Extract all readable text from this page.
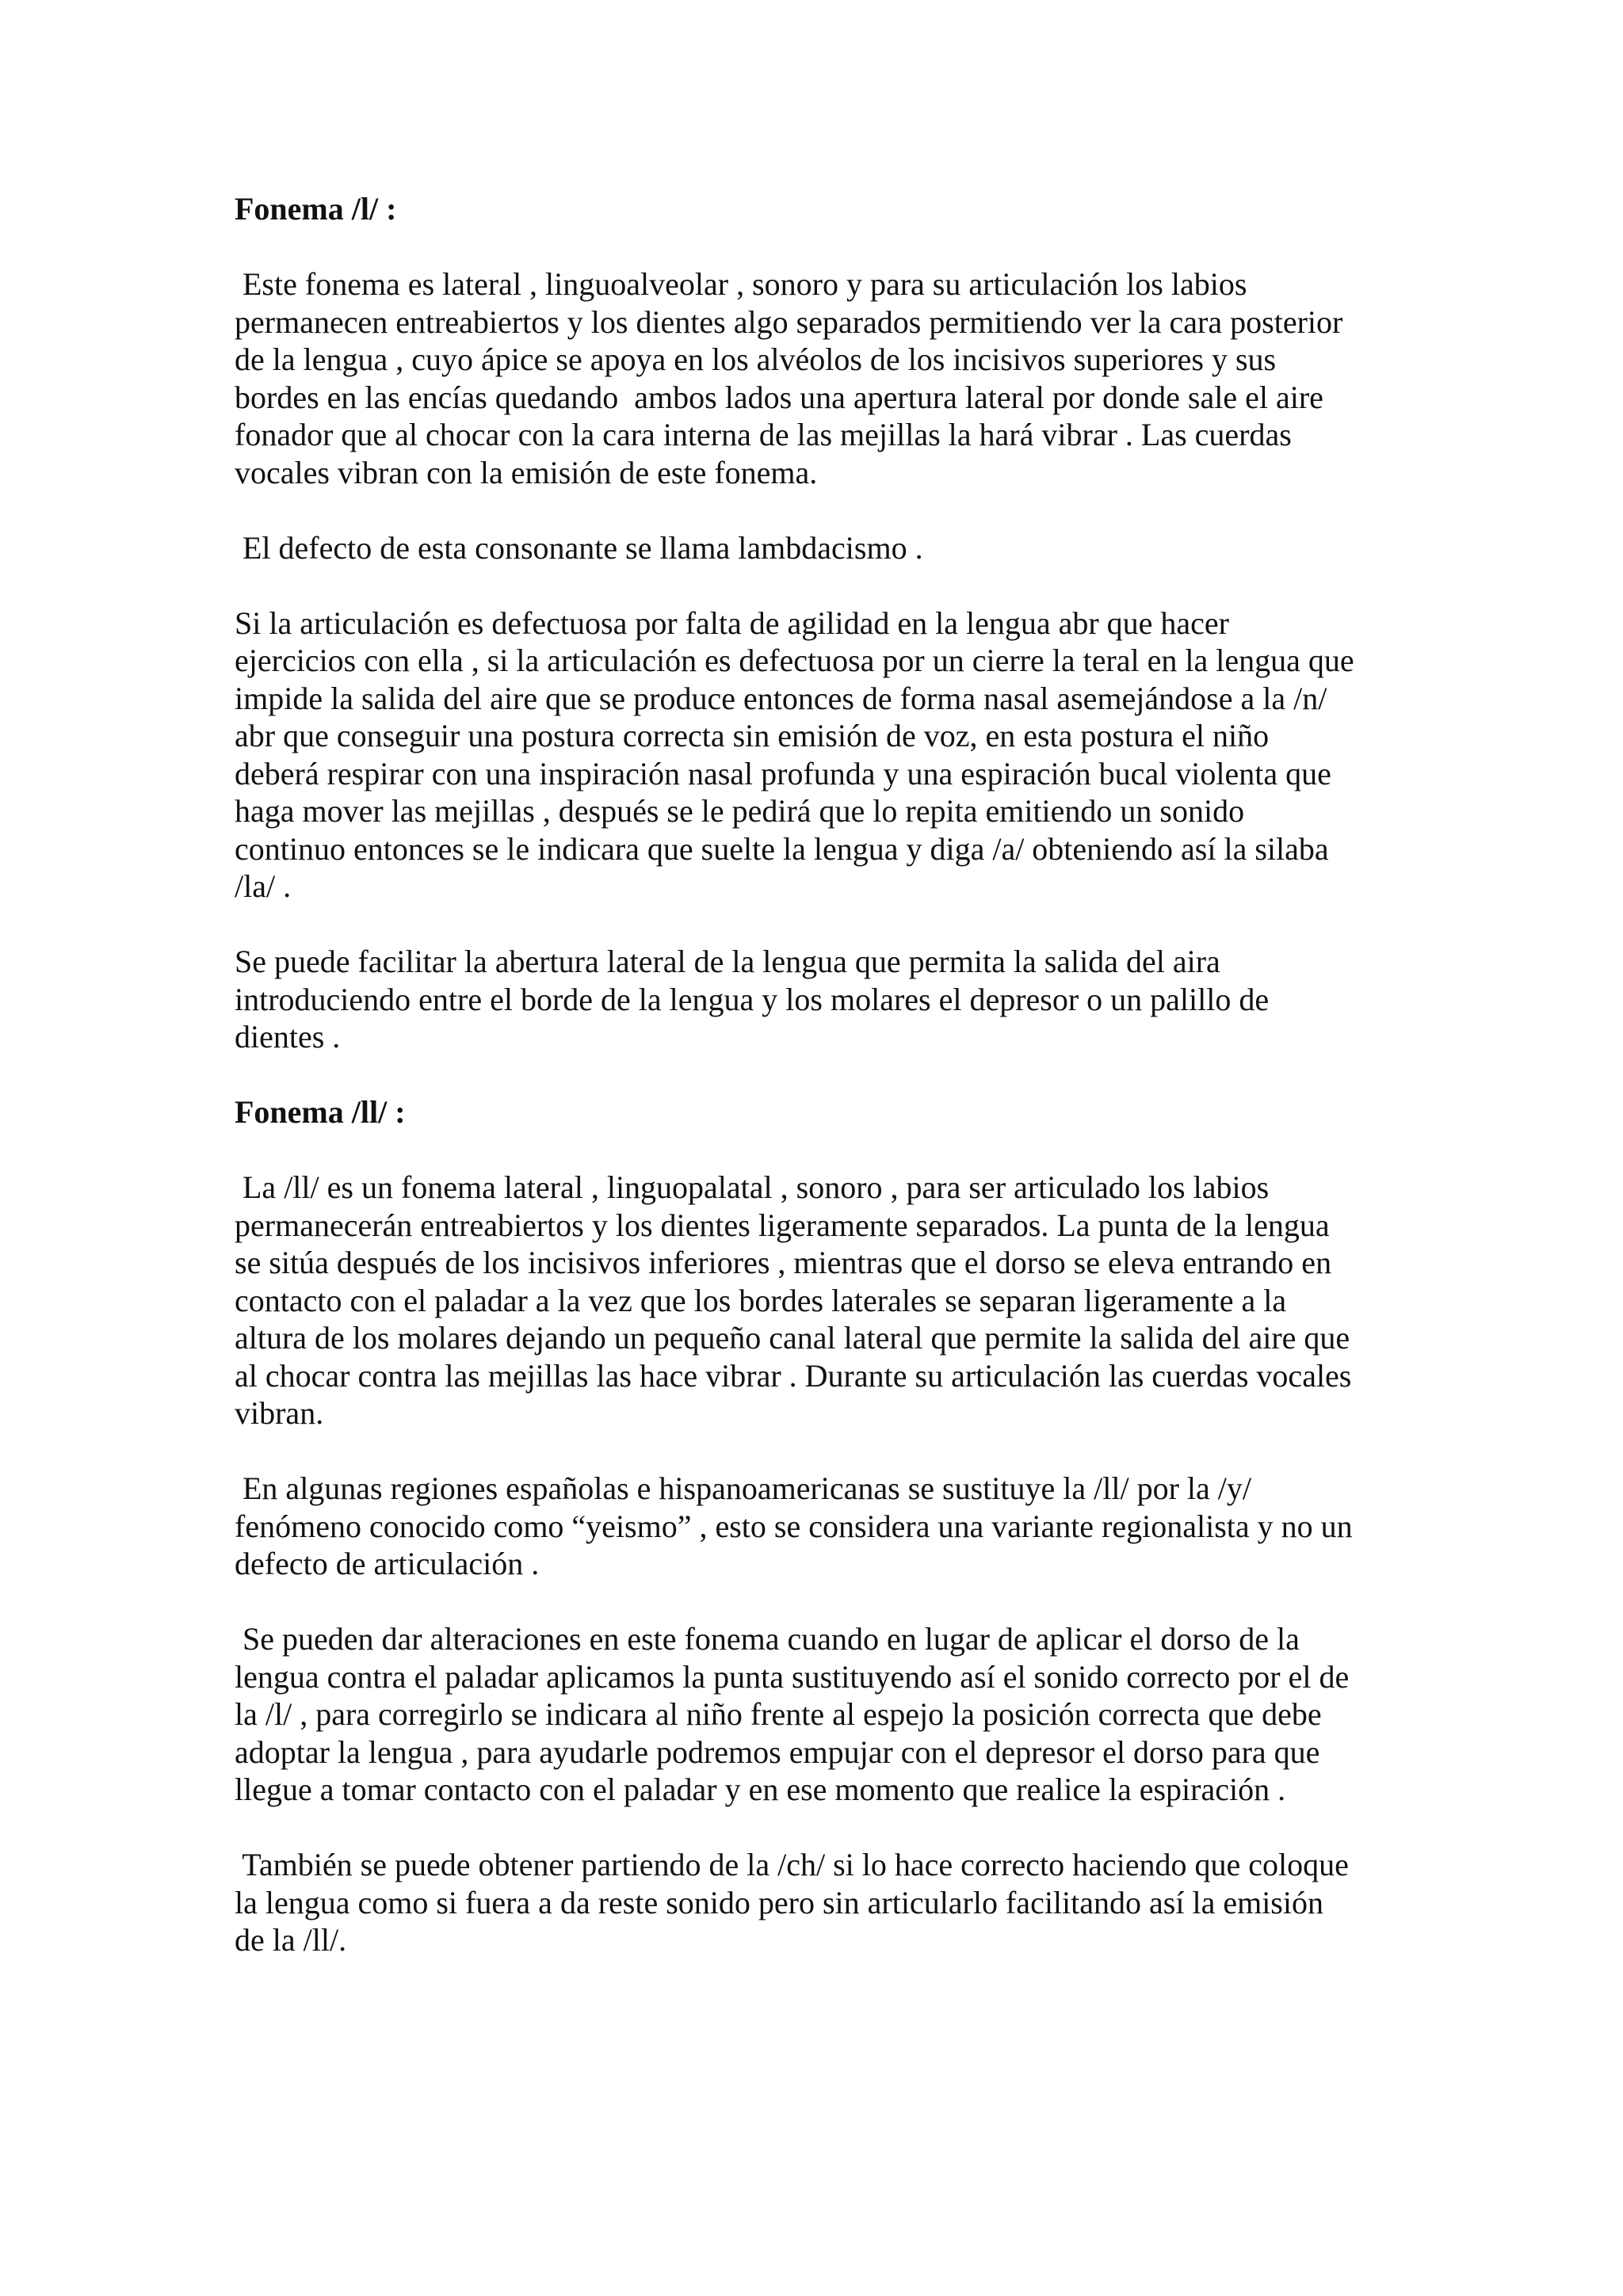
Fonema /l/ :

Este fonema es lateral , linguoalveolar , sonoro y para su articulación los labios
permanecen entreabiertos y los dientes algo separados permitiendo ver la cara posterior
de la lengua , cuyo ápice se apoya en los alvéolos de los incisivos superiores y sus
bordes en las encías quedando  ambos lados una apertura lateral por donde sale el aire
fonador que al chocar con la cara interna de las mejillas la hará vibrar . Las cuerdas
vocales vibran con la emisión de este fonema.

El defecto de esta consonante se llama lambdacismo .

Si la articulación es defectuosa por falta de agilidad en la lengua abr que hacer
ejercicios con ella , si la articulación es defectuosa por un cierre la teral en la lengua que
impide la salida del aire que se produce entonces de forma nasal asemejándose a la /n/
abr que conseguir una postura correcta sin emisión de voz, en esta postura el niño
deberá respirar con una inspiración nasal profunda y una espiración bucal violenta que
haga mover las mejillas , después se le pedirá que lo repita emitiendo un sonido
continuo entonces se le indicara que suelte la lengua y diga /a/ obteniendo así la silaba
/la/ .

Se puede facilitar la abertura lateral de la lengua que permita la salida del aira
introduciendo entre el borde de la lengua y los molares el depresor o un palillo de
dientes .

Fonema /ll/ :

La /ll/ es un fonema lateral , linguopalatal , sonoro , para ser articulado los labios
permanecerán entreabiertos y los dientes ligeramente separados. La punta de la lengua
se sitúa después de los incisivos inferiores , mientras que el dorso se eleva entrando en
contacto con el paladar a la vez que los bordes laterales se separan ligeramente a la
altura de los molares dejando un pequeño canal lateral que permite la salida del aire que
al chocar contra las mejillas las hace vibrar . Durante su articulación las cuerdas vocales
vibran.

En algunas regiones españolas e hispanoamericanas se sustituye la /ll/ por la /y/
fenómeno conocido como “yeismo” , esto se considera una variante regionalista y no un
defecto de articulación .

Se pueden dar alteraciones en este fonema cuando en lugar de aplicar el dorso de la
lengua contra el paladar aplicamos la punta sustituyendo así el sonido correcto por el de
la /l/ , para corregirlo se indicara al niño frente al espejo la posición correcta que debe
adoptar la lengua , para ayudarle podremos empujar con el depresor el dorso para que
llegue a tomar contacto con el paladar y en ese momento que realice la espiración .

También se puede obtener partiendo de la /ch/ si lo hace correcto haciendo que coloque
la lengua como si fuera a da reste sonido pero sin articularlo facilitando así la emisión
de la /ll/.
